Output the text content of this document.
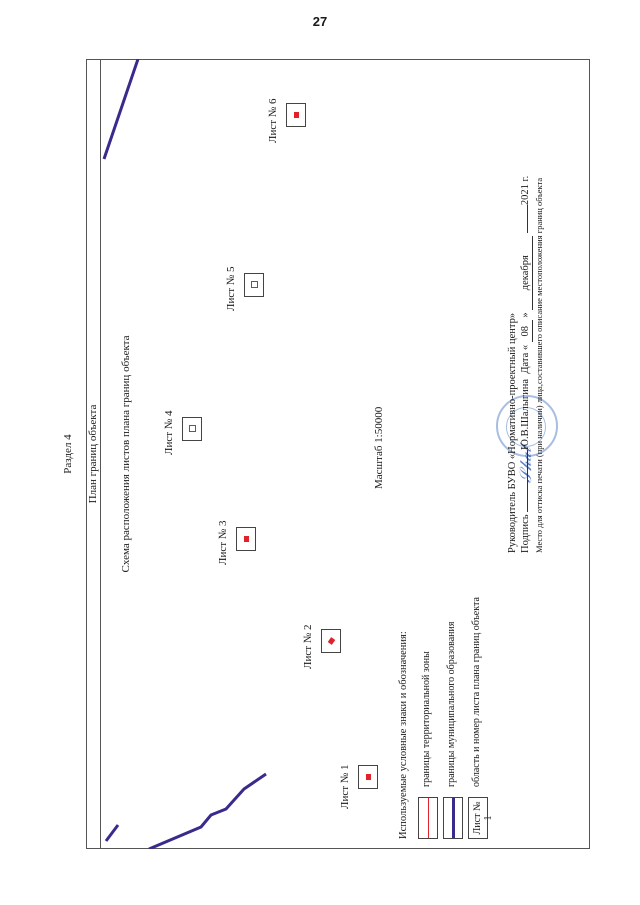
27
Раздел 4 План границ объекта Схема расположения листов плана границ объекта
Лист № 1
Лист № 2
Лист № 3
Лист № 4
Лист № 5
Лист № 6
Масштаб 1:50000
Используемые условные знаки и обозначения: границы территориальной зоны границы муниципального образования
Лист № 1
область и номер листа плана границ объекта
𝒮𝒽𝒶𝓁
Руководитель БУВО «Нормативно-проектный центр» Подпись Ю.В.Шалыгина  Дата « 08 » декабря 2021 г. Место для оттиска печати (при наличии) лица,составившего описание местоположения границ объекта
